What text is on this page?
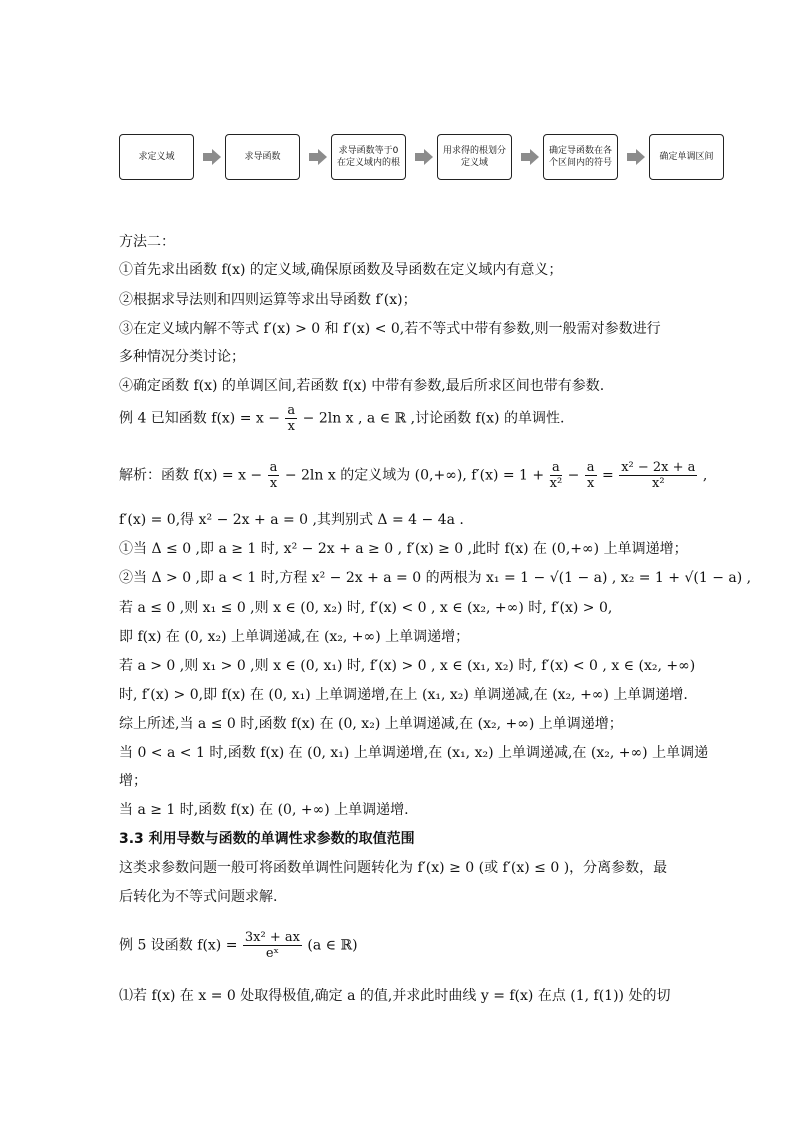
求定义域	求导函数
求导函数等于0在定义域内的根
用求得的根划分定义域
确定导函数在各个区间内的符号
确定单调区间
方法二：
①首先求出函数 f(x) 的定义域,确保原函数及导函数在定义域内有意义；
②根据求导法则和四则运算等求出导函数 f′(x)；
③在定义域内解不等式 f′(x) > 0 和 f′(x) < 0,若不等式中带有参数,则一般需对参数进行
多种情况分类讨论；
④确定函数 f(x) 的单调区间,若函数 f(x) 中带有参数,最后所求区间也带有参数.
例 4 已知函数 $f(x) = x - \frac{a}{x} - 2\ln$ x , a ∈ ℝ ,讨论函数 f(x) 的单调性.
解析：函数 $f(x) = x - \frac{a}{x} - 2\ln$ x 的定义域为 (0,+∞), $f'(x) = 1 + \frac{a}{\text{x²}} - \frac{a}{x} = \frac{\text{x² − 2x + a}}{\text{x²}}$ ,
f′(x) = 0,得 x² − 2x + a = 0 ,其判别式 Δ = 4 − 4a .
①当 Δ ≤ 0 ,即 a ≥ 1 时, x² − 2x + a ≥ 0 , f′(x) ≥ 0 ,此时 f(x) 在 (0,+∞) 上单调递增；
②当 Δ > 0 ,即 a < 1 时,方程 x² − 2x + a = 0 的两根为 x₁ = 1 − √(1 − a) , x₂ = 1 + √(1 − a) ,
若 a ≤ 0 ,则 x₁ ≤ 0 ,则 x ∈ (0, x₂) 时, f′(x) < 0 , x ∈ (x₂, +∞) 时, f′(x) > 0,
即 f(x) 在 (0, x₂) 上单调递减,在 (x₂, +∞) 上单调递增；
若 a > 0 ,则 x₁ > 0 ,则 x ∈ (0, x₁) 时, f′(x) > 0 , x ∈ (x₁, x₂) 时, f′(x) < 0 , x ∈ (x₂, +∞)
时, f′(x) > 0,即 f(x) 在 (0, x₁) 上单调递增,在上 (x₁, x₂) 单调递减,在 (x₂, +∞) 上单调递增.
综上所述,当 a ≤ 0 时,函数 f(x) 在 (0, x₂) 上单调递减,在 (x₂, +∞) 上单调递增；
当 0 < a < 1 时,函数 f(x) 在 (0, x₁) 上单调递增,在 (x₁, x₂) 上单调递减,在 (x₂, +∞) 上单调递
增；
当 a ≥ 1 时,函数 f(x) 在 (0, +∞) 上单调递增.
3.3 利用导数与函数的单调性求参数的取值范围
这类求参数问题一般可将函数单调性问题转化为 f′(x) ≥ 0 (或 f′(x) ≤ 0 )，分离参数，最
后转化为不等式问题求解.
例 5 设函数 $f(x) = \frac{\text{3x² + ax}}{\text{eˣ}} (a$ ∈ ℝ)
⑴若 f(x) 在 x = 0 处取得极值,确定 a 的值,并求此时曲线 y = f(x) 在点 (1, f(1)) 处的切
